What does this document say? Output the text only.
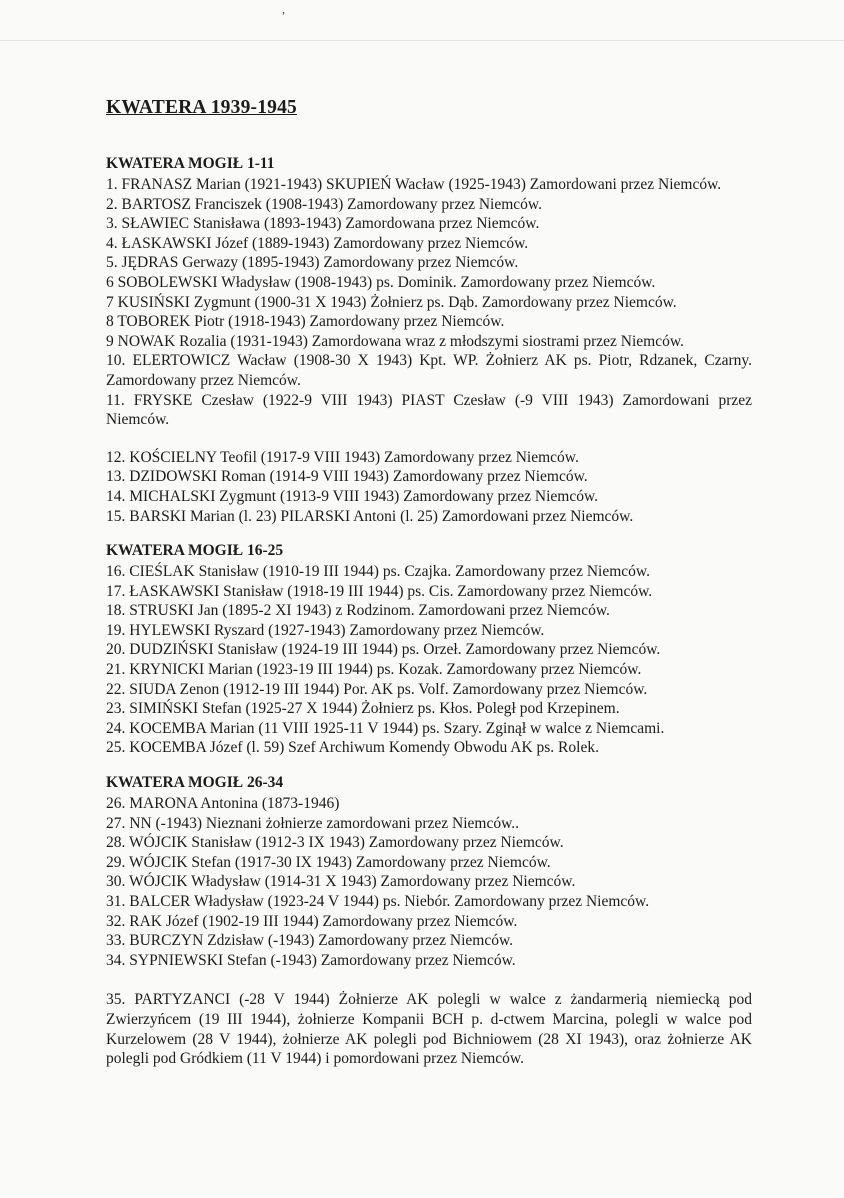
,
KWATERA 1939-1945
KWATERA MOGIŁ 1-11

1. FRANASZ Marian (1921-1943) SKUPIEŃ Wacław (1925-1943) Zamordowani przez Niemców.

2. BARTOSZ Franciszek (1908-1943) Zamordowany przez Niemców.

3. SŁAWIEC Stanisława (1893-1943) Zamordowana przez Niemców.

4. ŁASKAWSKI Józef (1889-1943) Zamordowany przez Niemców.

5. JĘDRAS Gerwazy (1895-1943) Zamordowany przez Niemców.

6 SOBOLEWSKI Władysław (1908-1943) ps. Dominik. Zamordowany przez Niemców.

7 KUSIŃSKI Zygmunt (1900-31 X 1943) Żołnierz ps. Dąb. Zamordowany przez Niemców.

8 TOBOREK Piotr (1918-1943) Zamordowany przez Niemców.

9 NOWAK Rozalia (1931-1943) Zamordowana wraz z młodszymi siostrami przez Niemców.

10. ELERTOWICZ Wacław (1908-30 X 1943) Kpt. WP. Żołnierz AK ps. Piotr, Rdzanek, Czarny. Zamordowany przez Niemców.

11. FRYSKE Czesław (1922-9 VIII 1943) PIAST Czesław (-9 VIII 1943) Zamordowani przez Niemców.

12. KOŚCIELNY Teofil (1917-9 VIII 1943) Zamordowany przez Niemców.

13. DZIDOWSKI Roman (1914-9 VIII 1943) Zamordowany przez Niemców.

14. MICHALSKI Zygmunt (1913-9 VIII 1943) Zamordowany przez Niemców.

15. BARSKI Marian (l. 23) PILARSKI Antoni (l. 25) Zamordowani przez Niemców.

KWATERA MOGIŁ 16-25

16. CIEŚLAK Stanisław (1910-19 III 1944) ps. Czajka. Zamordowany przez Niemców.

17. ŁASKAWSKI Stanisław (1918-19 III 1944) ps. Cis. Zamordowany przez Niemców.

18. STRUSKI Jan (1895-2 XI 1943) z Rodzinom. Zamordowani przez Niemców.

19. HYLEWSKI Ryszard (1927-1943) Zamordowany przez Niemców.

20. DUDZIŃSKI Stanisław (1924-19 III 1944) ps. Orzeł. Zamordowany przez Niemców.

21. KRYNICKI Marian (1923-19 III 1944) ps. Kozak. Zamordowany przez Niemców.

22. SIUDA Zenon (1912-19 III 1944) Por. AK ps. Volf. Zamordowany przez Niemców.

23. SIMIŃSKI Stefan (1925-27 X 1944) Żołnierz ps. Kłos. Poległ pod Krzepinem.

24. KOCEMBA Marian (11 VIII 1925-11 V 1944) ps. Szary. Zginął w walce z Niemcami.

25. KOCEMBA Józef (l. 59) Szef Archiwum Komendy Obwodu AK ps. Rolek.

KWATERA MOGIŁ 26-34

26. MARONA Antonina (1873-1946)

27. NN (-1943) Nieznani żołnierze zamordowani przez Niemców..

28. WÓJCIK Stanisław (1912-3 IX 1943) Zamordowany przez Niemców.

29. WÓJCIK Stefan (1917-30 IX 1943) Zamordowany przez Niemców.

30. WÓJCIK Władysław (1914-31 X 1943) Zamordowany przez Niemców.

31. BALCER Władysław (1923-24 V 1944) ps. Niebór. Zamordowany przez Niemców.

32. RAK Józef (1902-19 III 1944) Zamordowany przez Niemców.

33. BURCZYN Zdzisław (-1943) Zamordowany przez Niemców.

34. SYPNIEWSKI Stefan (-1943) Zamordowany przez Niemców.

35. PARTYZANCI (-28 V 1944) Żołnierze AK polegli w walce z żandarmerią niemiecką pod Zwierzyńcem (19 III 1944), żołnierze Kompanii BCH p. d-ctwem Marcina, polegli w walce pod Kurzelowem (28 V 1944), żołnierze AK polegli pod Bichniowem (28 XI 1943), oraz żołnierze AK polegli pod Gródkiem (11 V 1944) i pomordowani przez Niemców.
